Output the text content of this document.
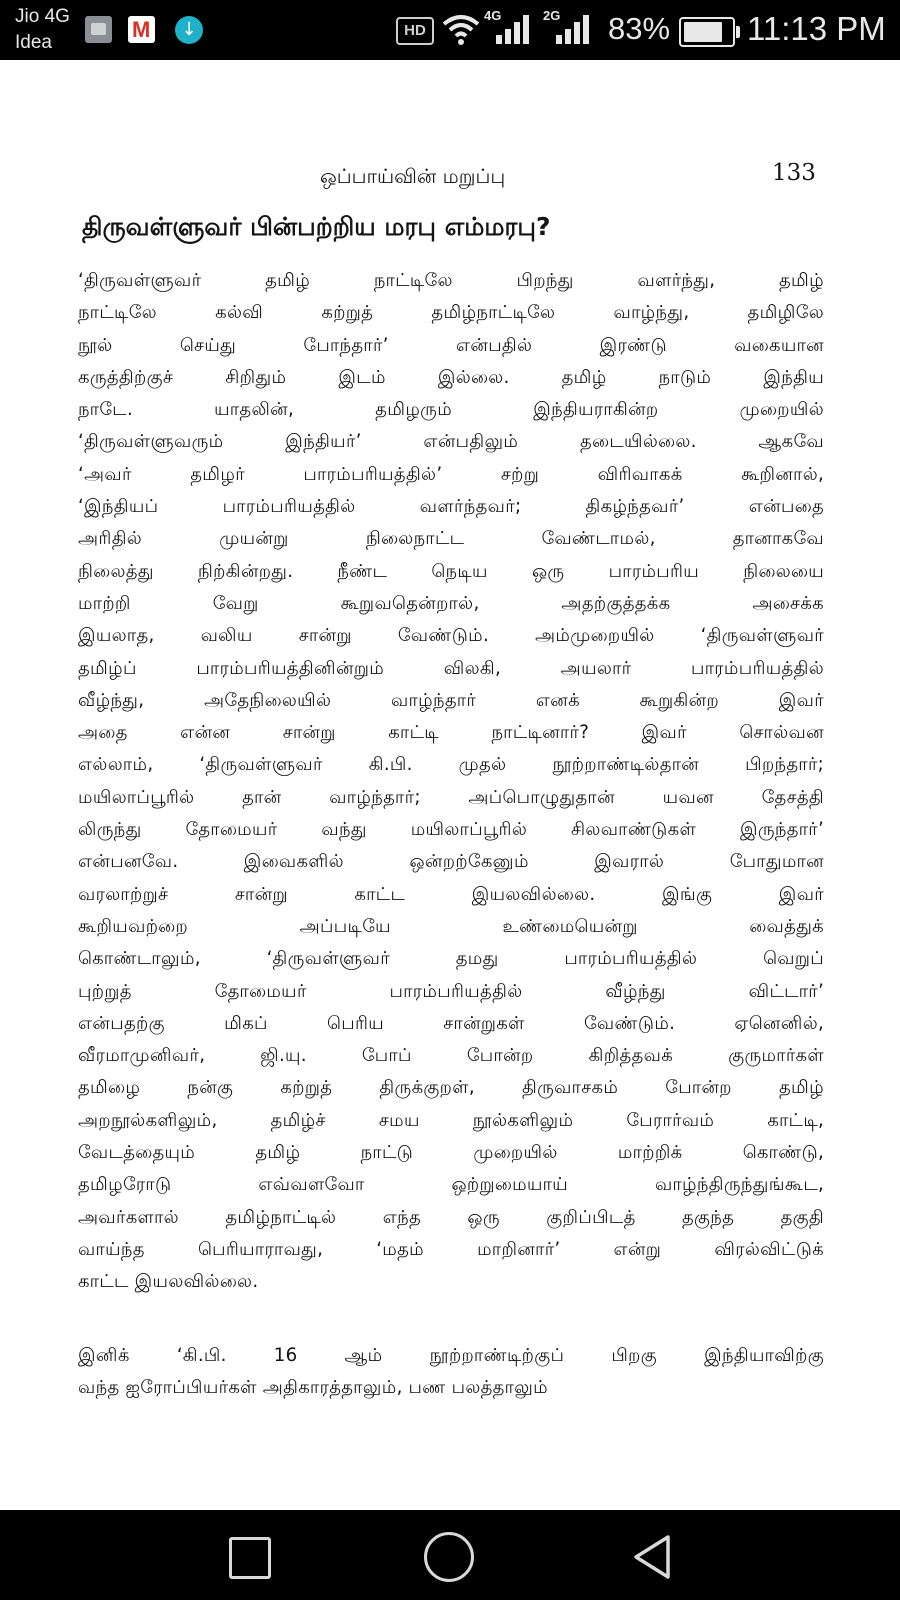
Jio 4G
Idea
M
↓	HD
4G	2G 83% 11:13 PM
ஒப்பாய்வின் மறுப்பு	133
திருவள்ளுவர் பின்பற்றிய மரபு எம்மரபு?
‘திருவள்ளுவர் தமிழ் நாட்டிலே பிறந்து வளர்ந்து, தமிழ்
நாட்டிலே கல்வி கற்றுத் தமிழ்நாட்டிலே வாழ்ந்து, தமிழிலே
நூல் செய்து போந்தார்’ என்பதில் இரண்டு வகையான
கருத்திற்குச் சிறிதும் இடம் இல்லை. தமிழ் நாடும் இந்திய
நாடே. யாதலின், தமிழரும் இந்தியராகின்ற முறையில்
‘திருவள்ளுவரும் இந்தியர்’ என்பதிலும் தடையில்லை. ஆகவே
‘அவர் தமிழர் பாரம்பரியத்தில்’ சற்று விரிவாகக் கூறினால்,
‘இந்தியப் பாரம்பரியத்தில் வளர்ந்தவர்; திகழ்ந்தவர்’ என்பதை
அரிதில் முயன்று நிலைநாட்ட வேண்டாமல், தானாகவே
நிலைத்து நிற்கின்றது. நீண்ட நெடிய ஒரு பாரம்பரிய நிலையை
மாற்றி வேறு கூறுவதென்றால், அதற்குத்தக்க அசைக்க
இயலாத, வலிய சான்று வேண்டும். அம்முறையில் ‘திருவள்ளுவர்
தமிழ்ப் பாரம்பரியத்தினின்றும் விலகி, அயலார் பாரம்பரியத்தில்
வீழ்ந்து, அதேநிலையில் வாழ்ந்தார் எனக் கூறுகின்ற இவர்
அதை என்ன சான்று காட்டி நாட்டினார்? இவர் சொல்வன
எல்லாம், ‘திருவள்ளுவர் கி.பி. முதல் நூற்றாண்டில்தான் பிறந்தார்;
மயிலாப்பூரில் தான் வாழ்ந்தார்; அப்பொழுதுதான் யவன தேசத்தி
லிருந்து தோமையர் வந்து மயிலாப்பூரில் சிலவாண்டுகள் இருந்தார்’
என்பனவே. இவைகளில் ஒன்றற்கேனும் இவரால் போதுமான
வரலாற்றுச் சான்று காட்ட இயலவில்லை. இங்கு இவர்
கூறியவற்றை அப்படியே உண்மையென்று வைத்துக்
கொண்டாலும், ‘திருவள்ளுவர் தமது பாரம்பரியத்தில் வெறுப்
புற்றுத் தோமையர் பாரம்பரியத்தில் வீழ்ந்து விட்டார்’
என்பதற்கு மிகப் பெரிய சான்றுகள் வேண்டும். ஏனெனில்,
வீரமாமுனிவர், ஜி.யு. போப் போன்ற கிறித்தவக் குருமார்கள்
தமிழை நன்கு கற்றுத் திருக்குறள், திருவாசகம் போன்ற தமிழ்
அறநூல்களிலும், தமிழ்ச் சமய நூல்களிலும் பேரார்வம் காட்டி,
வேடத்தையும் தமிழ் நாட்டு முறையில் மாற்றிக் கொண்டு,
தமிழரோடு எவ்வளவோ ஒற்றுமையாய் வாழ்ந்திருந்துங்கூட,
அவர்களால் தமிழ்நாட்டில் எந்த ஒரு குறிப்பிடத் தகுந்த தகுதி
வாய்ந்த பெரியாராவது, ‘மதம் மாறினார்’ என்று விரல்விட்டுக்
காட்ட இயலவில்லை.
இனிக் ‘கி.பி. 16 ஆம் நூற்றாண்டிற்குப் பிறகு இந்தியாவிற்கு
வந்த ஐரோப்பியர்கள் அதிகாரத்தாலும், பண பலத்தாலும்
